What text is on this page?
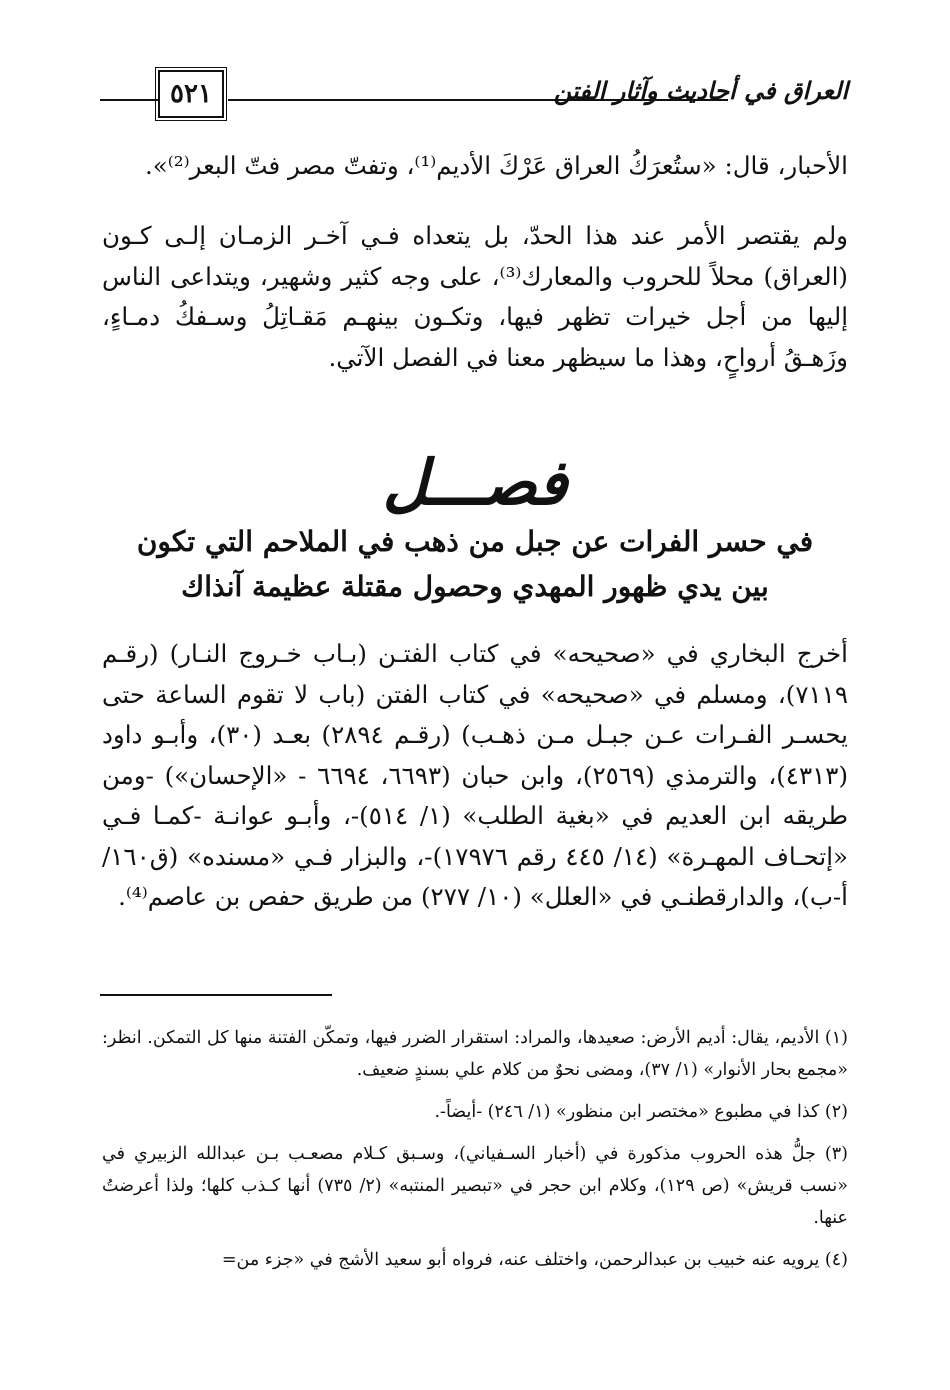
٥٢١	العراق في أحاديث وآثار الفتن
الأحبار، قال: «ستُعرَكُ العراق عَرْكَ الأديم⁽¹⁾، وتفتّ مصر فتّ البعر⁽²⁾».
ولم يقتصر الأمر عند هذا الحدّ، بل يتعداه فـي آخـر الزمـان إلـى كـون (العراق) محلاً للحروب والمعارك⁽³⁾، على وجه كثير وشهير، ويتداعى الناس إليها من أجل خيرات تظهر فيها، وتكـون بينهـم مَقـاتِلُ وسـفكُ دمـاءٍ، وزَهـقُ أرواحٍ، وهذا ما سيظهر معنا في الفصل الآتي.
فصـــل
في حسر الفرات عن جبل من ذهب في الملاحم التي تكون
بين يدي ظهور المهدي وحصول مقتلة عظيمة آنذاك
أخرج البخاري في «صحيحه» في كتاب الفتـن (بـاب خـروج النـار) (رقـم ٧١١٩)، ومسلم في «صحيحه» في كتاب الفتن (باب لا تقوم الساعة حتى يحسـر الفـرات عـن جبـل مـن ذهـب) (رقـم ٢٨٩٤) بعـد (٣٠)، وأبـو داود (٤٣١٣)، والترمذي (٢٥٦٩)، وابن حبان (٦٦٩٣، ٦٦٩٤ - «الإحسان») -ومن طريقه ابن العديم في «بغية الطلب» (١/ ٥١٤)-، وأبـو عوانـة -كمـا فـي «إتحـاف المهـرة» (١٤/ ٤٤٥ رقم ١٧٩٧٦)-، والبزار فـي «مسنده» (ق١٦٠/ أ-ب)، والدارقطنـي في «العلل» (١٠/ ٢٧٧) من طريق حفص بن عاصم⁽⁴⁾.

(١) الأديم، يقال: أديم الأرض: صعيدها، والمراد: استقرار الضرر فيها، وتمكّن الفتنة منها كل التمكن. انظر: «مجمع بحار الأنوار» (١/ ٣٧)، ومضى نحوٌ من كلام علي بسندٍ ضعيف.

(٢) كذا في مطبوع «مختصر ابن منظور» (١/ ٢٤٦) -أيضاً-.

(٣) جلُّ هذه الحروب مذكورة في (أخبار السـفياني)، وسـبق كـلام مصعـب بـن عبدالله الزبيري في «نسب قريش» (ص ١٢٩)، وكلام ابن حجر في «تبصير المنتبه» (٢/ ٧٣٥) أنها كـذب كلها؛ ولذا أعرضتُ عنها.

(٤) يرويه عنه خبيب بن عبدالرحمن، واختلف عنه، فرواه أبو سعيد الأشج في «جزء من=
